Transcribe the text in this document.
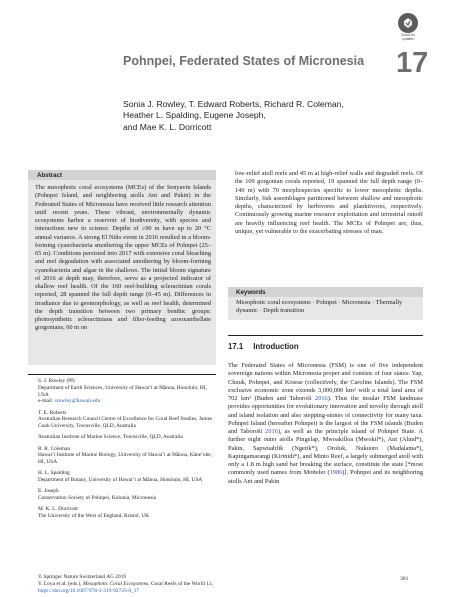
Check for
updates
17
Pohnpei, Federated States of Micronesia
Sonia J. Rowley, T. Edward Roberts, Richard R. Coleman,
Heather L. Spalding, Eugene Joseph,
and Mae K. L. Dorricott
Abstract
The mesophotic coral ecosystems (MCEs) of the Senyavin Islands (Pohnpei Island, and neighboring atolls Ant and Pakin) in the Federated States of Micronesia have received little research attention until recent years. These vibrant, environmentally dynamic ecosystems harbor a reservoir of biodiversity, with species and interactions new to science. Depths of ≥90 m have up to 20 °C annual variance. A strong El Niño event in 2016 resulted in a bloom-forming cyanobacteria smothering the upper MCEs of Pohnpei (25–65 m). Conditions persisted into 2017 with extensive coral bleaching and reef degradation with associated smothering by bloom-forming cyanobacteria and algae in the shallows. The initial bloom signature of 2016 at depth may, therefore, serve as a projected indicator of shallow reef health. Of the 160 reef-building scleractinian corals reported, 28 spanned the full depth range (0–45 m). Differences in irradiance due to geomorphology, as well as reef health, determined the depth transition between two primary benthic groups: photosynthetic scleractinians and filter-feeding azooxanthellate gorgonians, 60 m on
low-relief atoll reefs and 45 m at high-relief walls and degraded reefs. Of the 109 gorgonian corals reported, 19 spanned the full depth range (0–140 m) with 70 morphospecies specific to lower mesophotic depths. Similarly, fish assemblages partitioned between shallow and mesophotic depths, characterized by herbivores and planktivores, respectively. Continuously growing marine resource exploitation and terrestrial runoff are heavily influencing reef health. The MCEs of Pohnpei are, thus, unique, yet vulnerable to the exacerbating stresses of man.
Keywords
Mesophotic coral ecosystems · Pohnpei · Micronesia · Thermally dynamic · Depth transition
17.1 Introduction
The Federated States of Micronesia (FSM) is one of five independent sovereign nations within Micronesia proper and consists of four states: Yap, Chuuk, Pohnpei, and Kosrae (collectively, the Caroline Islands). The FSM exclusive economic zone extends 3,000,000 km² with a total land area of 702 km² (Buden and Taboroši 2016). Thus the insular FSM landmass provides opportunities for evolutionary innovation and novelty through atoll and island isolation and also stepping-stones of connectivity for many taxa. Pohnpei Island (hereafter Pohnpei) is the largest of the FSM islands (Buden and Taboroši 2016), as well as the principle island of Pohnpei State. A further eight outer atolls Pingelap, Mwoakilloa (Mwokil*), Ant (Ahnd*), Pakin, Sapwuahfik (Ngetik*), Oroluk, Nukuoro (Madalama*), Kapingamarangi (Kirinidi*), and Minto Reef, a largely submerged atoll with only a 1.8 m high sand bar breaking the surface, constitute the state [*most commonly used names from Motteler (1986)]. Pohnpei and its neighboring atolls Ant and Pakin
S. J. Rowley (✉)
Department of Earth Sciences, University of Hawaiʻi at Mānoa, Honolulu, HI, USA
e-mail: srowley@hawaii.edu
T. E. Roberts
Australian Research Council Centre of Excellence for Coral Reef Studies, James Cook University, Townsville, QLD, Australia
Australian Institute of Marine Science, Townsville, QLD, Australia
R. R. Coleman
Hawaiʻi Institute of Marine Biology, University of Hawaiʻi at Mānoa, Kāneʻohe, HI, USA
H. L. Spalding
Department of Botany, University of Hawaiʻi at Mānoa, Honolulu, HI, USA
E. Joseph
Conservation Society of Pohnpei, Kolonia, Micronesia
M. K. L. Dorricott
The University of the West of England, Bristol, UK
© Springer Nature Switzerland AG 2019
Y. Loya et al. (eds.), Mesophotic Coral Ecosystems, Coral Reefs of the World 12,
https://doi.org/10.1007/978-3-319-92735-0_17
301
